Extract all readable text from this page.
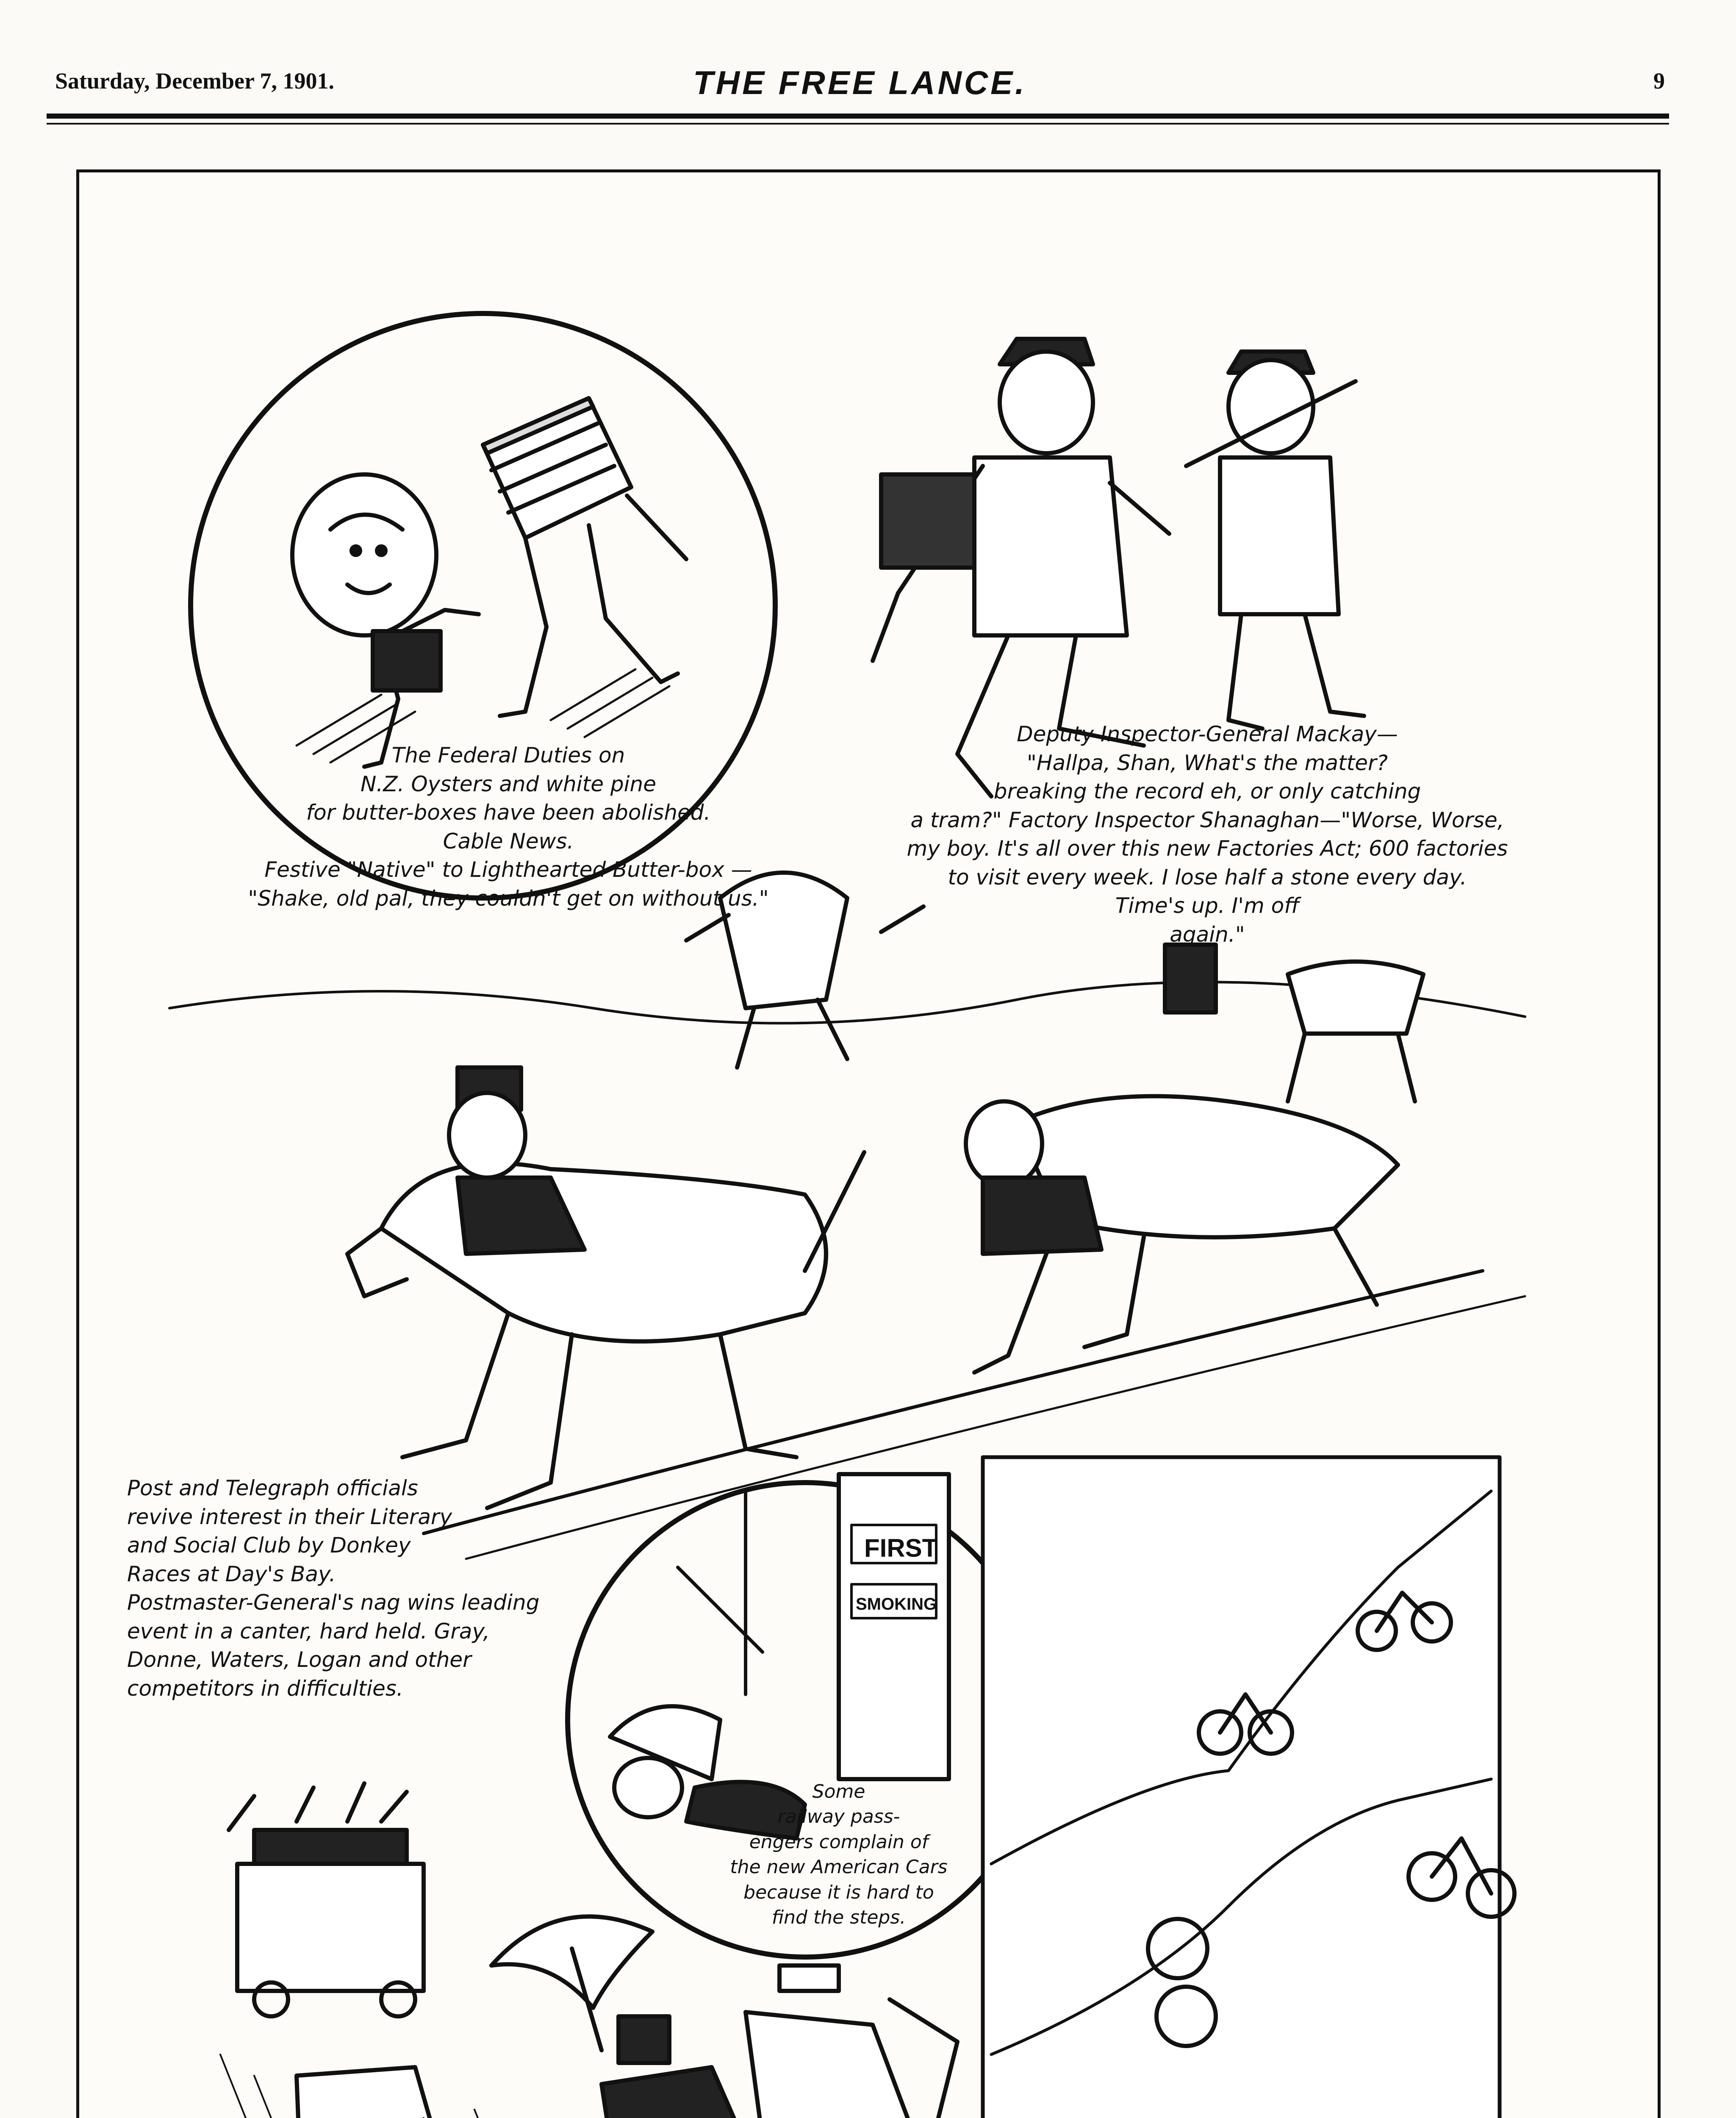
Saturday, December 7, 1901.	THE FREE LANCE.	9
FIRST
SMOKING
The Federal Duties on
N.Z. Oysters and white pine
for butter-boxes have been abolished.
Cable News.
Festive "Native" to Lighthearted Butter-box —
"Shake, old pal, they couldn't get on without us."
Deputy Inspector-General Mackay—
"Hallpa, Shan, What's the matter?
breaking the record eh, or only catching
a tram?" Factory Inspector Shanaghan—"Worse, Worse,
my boy. It's all over this new Factories Act; 600 factories
to visit every week. I lose half a stone every day.
Time's up. I'm off
again."
Post and Telegraph officials
revive interest in their Literary
and Social Club by Donkey
Races at Day's Bay.
Postmaster-General's nag wins leading
event in a canter, hard held. Gray,
Donne, Waters, Logan and other
competitors in difficulties.
Some
railway pass-
engers complain of
the new American Cars
because it is hard to
find the steps.
